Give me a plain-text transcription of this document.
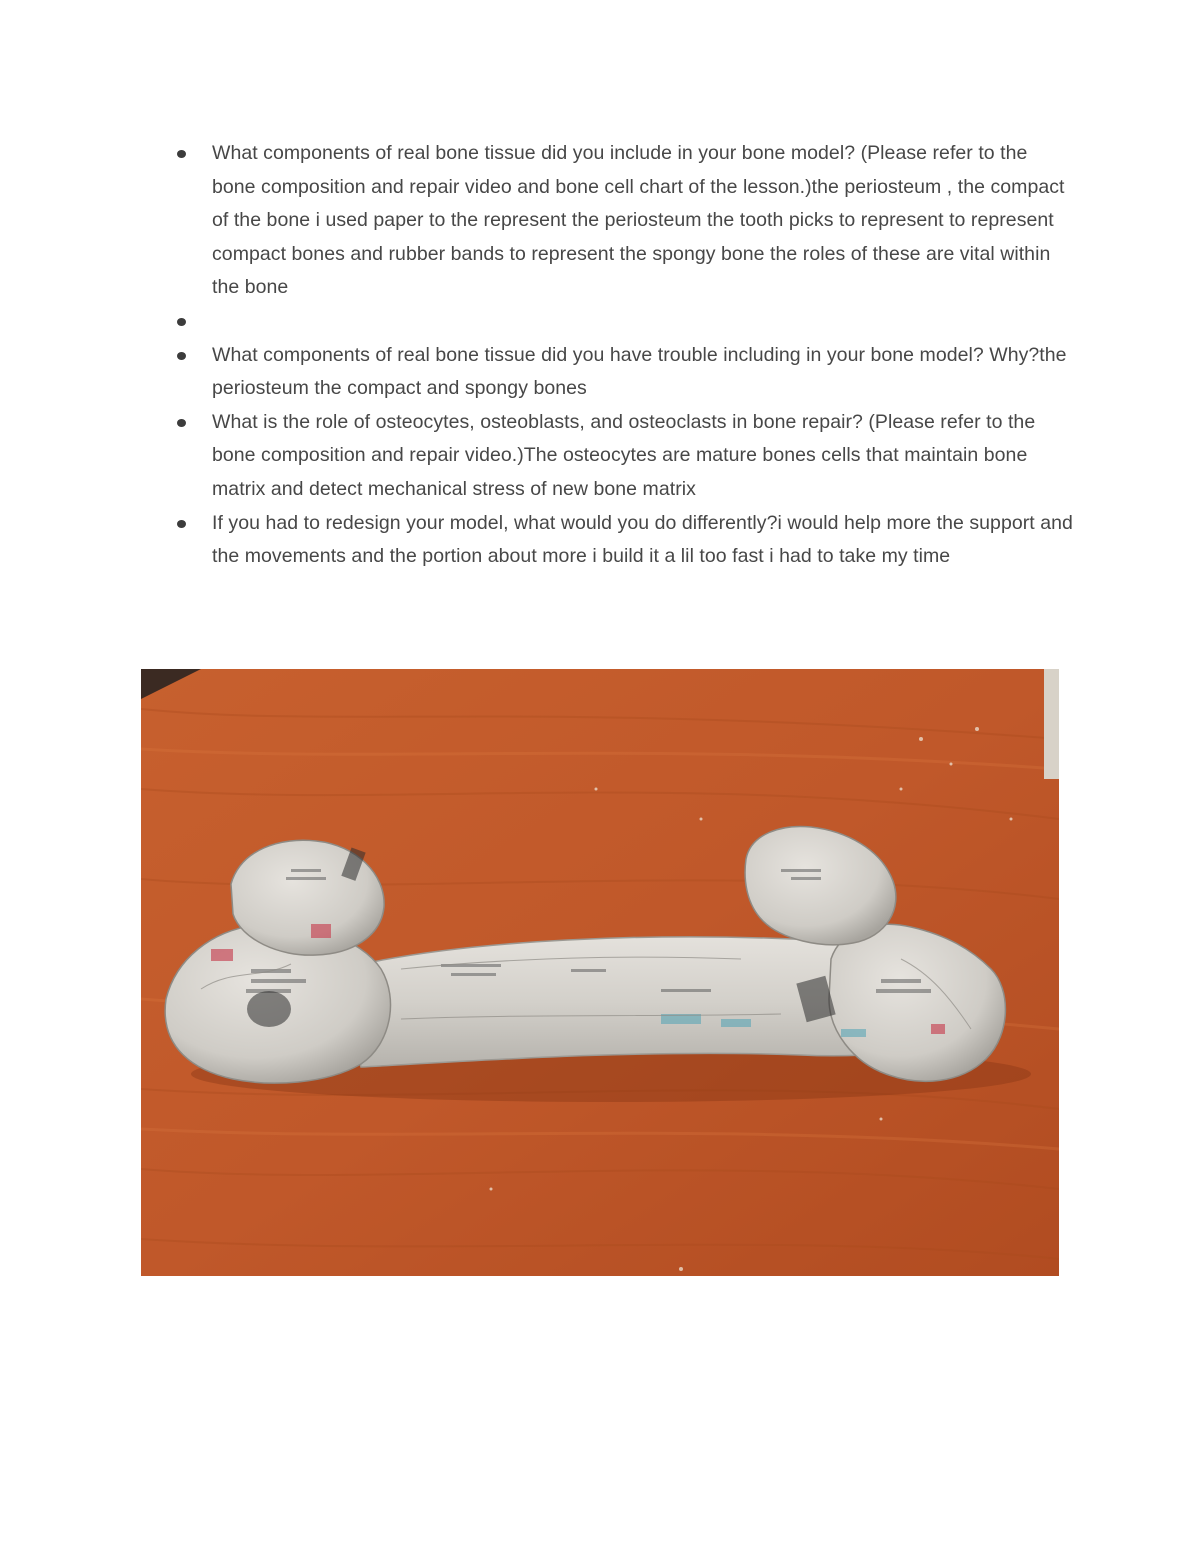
What components of real bone tissue did you include in your bone model? (Please refer to the bone composition and repair video and bone cell chart of the lesson.)the periosteum , the compact of the bone i used paper to the represent the periosteum the tooth picks to represent to represent compact bones and rubber bands to represent the spongy bone the roles of these are vital within the bone
What components of real bone tissue did you have trouble including in your bone model? Why?the periosteum the compact and spongy bones
What is the role of osteocytes, osteoblasts, and osteoclasts in bone repair? (Please refer to the bone composition and repair video.)The osteocytes are mature bones cells that maintain bone matrix and detect mechanical stress of new bone matrix
If you had to redesign your model, what would you do differently?i would help more the support and the movements and the portion about more i build it a lil too fast i had to take my time
